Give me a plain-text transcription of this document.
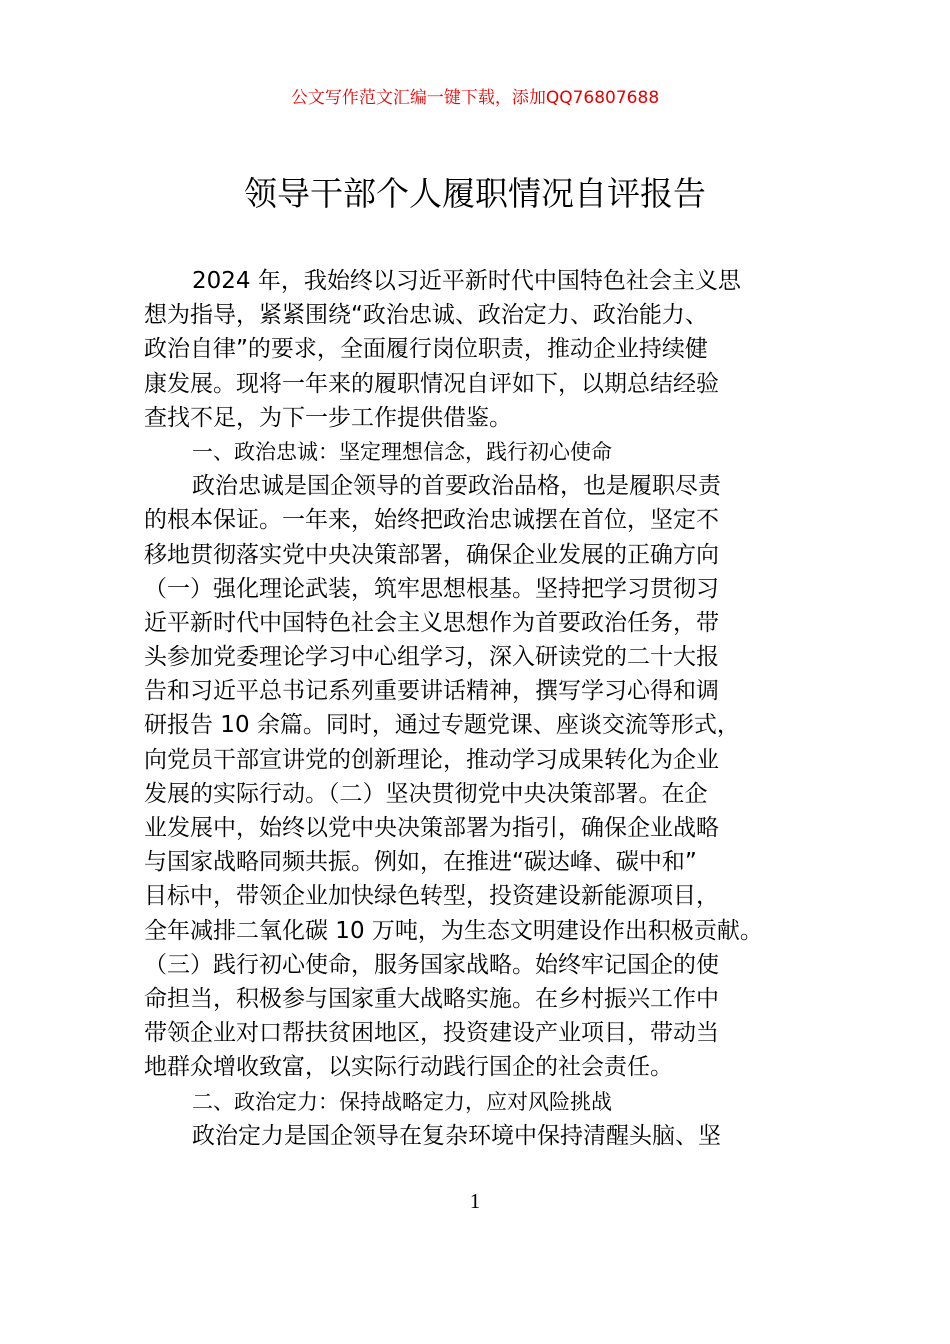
公文写作范文汇编一键下载，添加QQ76807688
领导干部个人履职情况自评报告
2024 年，我始终以习近平新时代中国特色社会主义思
想为指导，紧紧围绕“政治忠诚、政治定力、政治能力、
政治自律”的要求，全面履行岗位职责，推动企业持续健
康发展。现将一年来的履职情况自评如下，以期总结经验
查找不足，为下一步工作提供借鉴。
一、政治忠诚：坚定理想信念，践行初心使命
政治忠诚是国企领导的首要政治品格，也是履职尽责
的根本保证。一年来，始终把政治忠诚摆在首位，坚定不
移地贯彻落实党中央决策部署，确保企业发展的正确方向
（一）强化理论武装，筑牢思想根基。坚持把学习贯彻习
近平新时代中国特色社会主义思想作为首要政治任务，带
头参加党委理论学习中心组学习，深入研读党的二十大报
告和习近平总书记系列重要讲话精神，撰写学习心得和调
研报告 10 余篇。同时，通过专题党课、座谈交流等形式，
向党员干部宣讲党的创新理论，推动学习成果转化为企业
发展的实际行动。（二）坚决贯彻党中央决策部署。在企
业发展中，始终以党中央决策部署为指引，确保企业战略
与国家战略同频共振。例如，在推进“碳达峰、碳中和”
目标中，带领企业加快绿色转型，投资建设新能源项目，
全年减排二氧化碳 10 万吨，为生态文明建设作出积极贡献。
（三）践行初心使命，服务国家战略。始终牢记国企的使
命担当，积极参与国家重大战略实施。在乡村振兴工作中
带领企业对口帮扶贫困地区，投资建设产业项目，带动当
地群众增收致富，以实际行动践行国企的社会责任。
二、政治定力：保持战略定力，应对风险挑战
政治定力是国企领导在复杂环境中保持清醒头脑、坚
1
